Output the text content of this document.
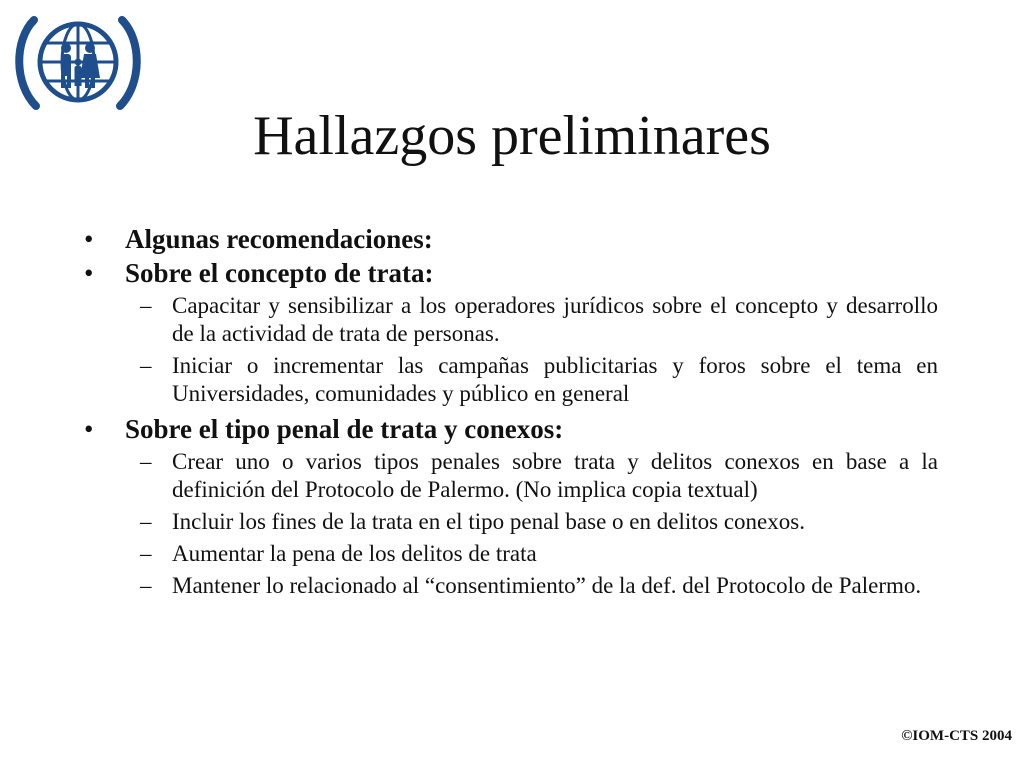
Hallazgos preliminares
• Algunas recomendaciones:
• Sobre el concepto de trata:
– Capacitar y sensibilizar a los operadores jurídicos sobre el concepto y desarrollo de la actividad de trata de personas.
– Iniciar o incrementar las campañas publicitarias y foros sobre el tema en Universidades, comunidades y público en general
• Sobre el tipo penal de trata y conexos:
– Crear uno o varios tipos penales sobre trata y delitos conexos en base a la definición del Protocolo de Palermo. (No implica copia textual)
– Incluir los fines de la trata en el tipo penal base o en delitos conexos.
– Aumentar la pena de los delitos de trata
– Mantener lo relacionado al “consentimiento” de la def. del Protocolo de Palermo.
©IOM-CTS 2004
